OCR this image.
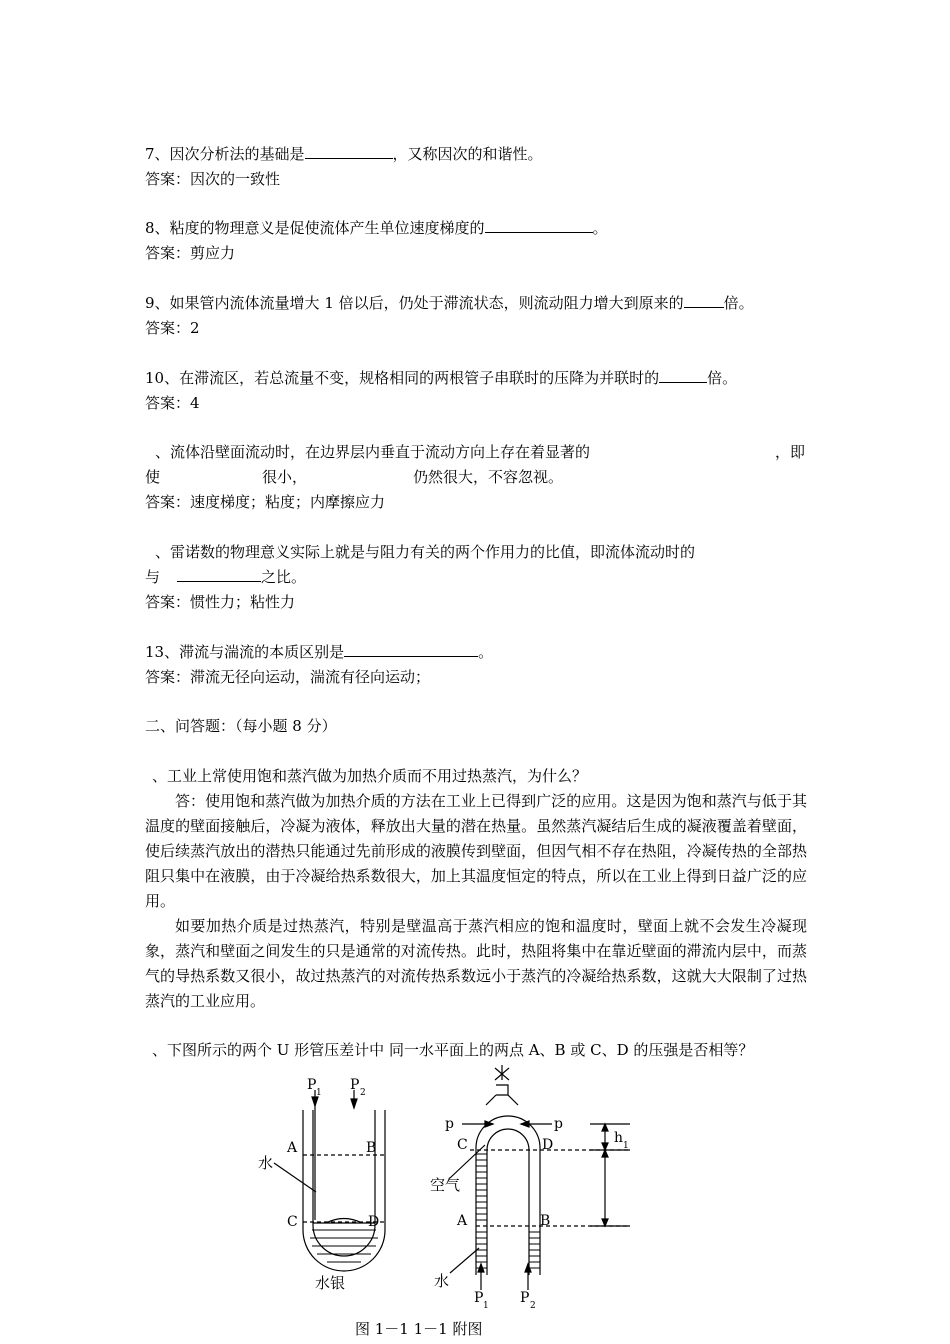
7、因次分析法的基础是	，又称因次的和谐性。
答案：因次的一致性
8、粘度的物理意义是促使流体产生单位速度梯度的	。
答案：剪应力
9、如果管内流体流量增大 1 倍以后，仍处于滞流状态，则流动阻力增大到原来的	倍。
答案：2
10、在滞流区，若总流量不变，规格相同的两根管子串联时的压降为并联时的	倍。
答案：4
、流体沿壁面流动时，在边界层内垂直于流动方向上存在着显著的	，即
使	很小，	仍然很大，不容忽视。
答案：速度梯度；粘度；内摩擦应力
、雷诺数的物理意义实际上就是与阻力有关的两个作用力的比值，即流体流动时的
与	之比。
答案：惯性力；粘性力
13、滞流与湍流的本质区别是	。
答案：滞流无径向运动，湍流有径向运动；
二、问答题：（每小题 8 分）
、工业上常使用饱和蒸汽做为加热介质而不用过热蒸汽，为什么？
答：使用饱和蒸汽做为加热介质的方法在工业上已得到广泛的应用。这是因为饱和蒸汽与低于其温度的壁面接触后，冷凝为液体，释放出大量的潜在热量。虽然蒸汽凝结后生成的凝液覆盖着壁面，使后续蒸汽放出的潜热只能通过先前形成的液膜传到壁面，但因气相不存在热阻，冷凝传热的全部热阻只集中在液膜，由于冷凝给热系数很大，加上其温度恒定的特点，所以在工业上得到日益广泛的应用。
如要加热介质是过热蒸汽，特别是壁温高于蒸汽相应的饱和温度时，壁面上就不会发生冷凝现象，蒸汽和壁面之间发生的只是通常的对流传热。此时，热阻将集中在靠近壁面的滞流内层中，而蒸气的导热系数又很小，故过热蒸汽的对流传热系数远小于蒸汽的冷凝给热系数，这就大大限制了过热蒸汽的工业应用。
、下图所示的两个 U 形管压差计中 同一水平面上的两点 A、B 或 C、D 的压强是否相等？
P 1 P 2
A	B
C	D
水
水银
p	p
C	D	h 1
空气
A	B
水
P 1 P 2
图 1－1 1－1 附图
